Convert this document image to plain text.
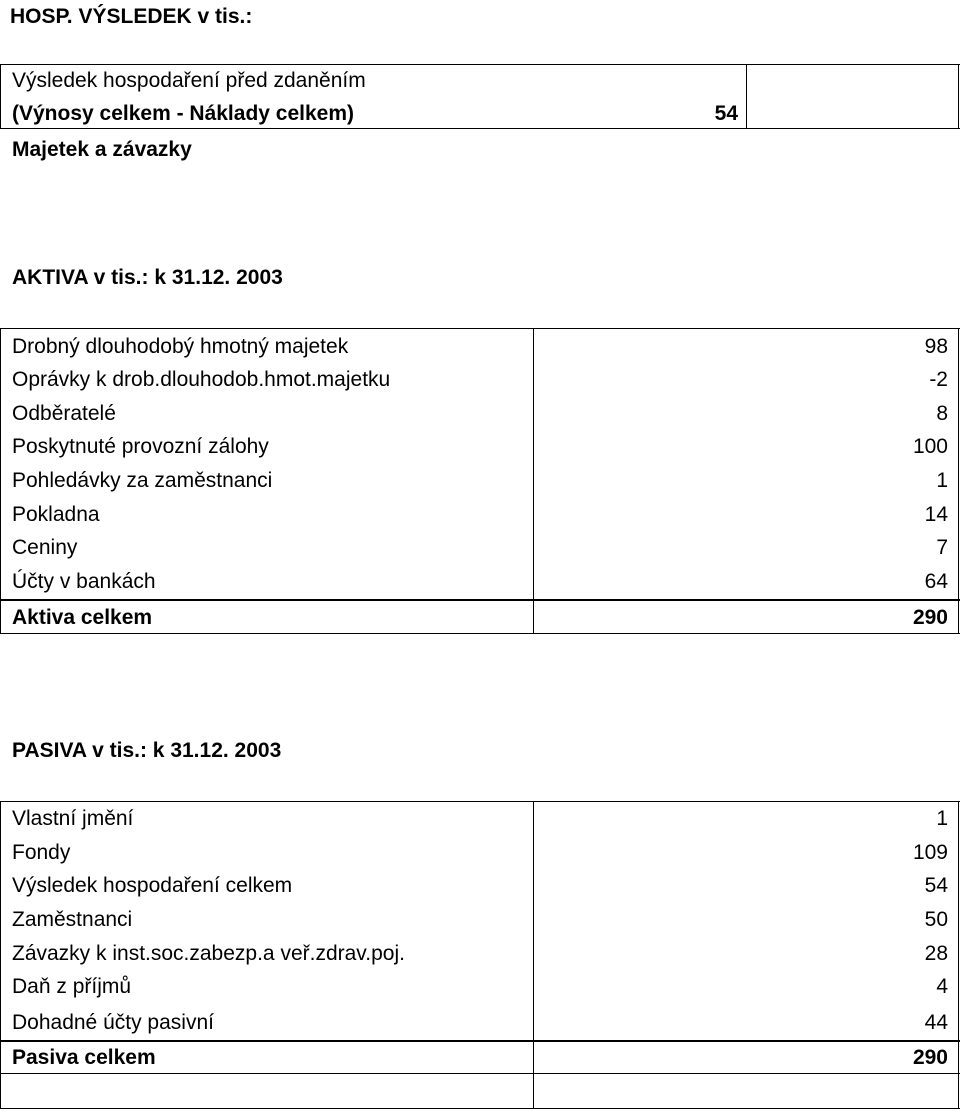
HOSP. VÝSLEDEK v tis.:
Výsledek hospodaření před zdaněním
(Výnosy celkem - Náklady celkem)	54
Majetek a závazky
AKTIVA v tis.: k 31.12. 2003
Drobný dlouhodobý hmotný majetek	98
Oprávky k drob.dlouhodob.hmot.majetku	-2
Odběratelé	8
Poskytnuté provozní zálohy	100
Pohledávky za zaměstnanci	1
Pokladna	14
Ceniny	7
Účty v bankách	64
Aktiva celkem	290
PASIVA v tis.: k 31.12. 2003
Vlastní jmění	1
Fondy	109
Výsledek hospodaření celkem	54
Zaměstnanci	50
Závazky k inst.soc.zabezp.a veř.zdrav.poj.	28
Daň z příjmů	4
Dohadné účty pasivní	44
Pasiva celkem	290
